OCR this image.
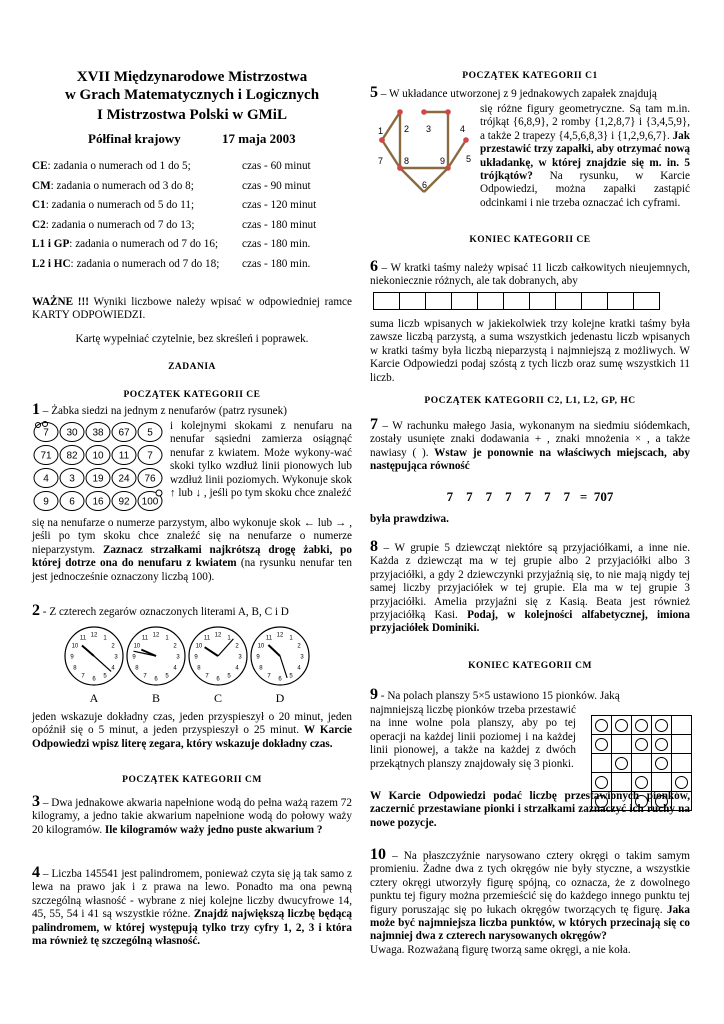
XVII Międzynarodowe Mistrzostwa
w Grach Matematycznych i Logicznych
I Mistrzostwa Polski w GMiL
Półfinał krajowy	17 maja 2003
CE: zadania o numerach od 1 do 5;	czas - 60 minut
CM: zadania o numerach od 3 do 8;	czas - 90 minut
C1: zadania o numerach od 5 do 11;	czas - 120 minut
C2: zadania o numerach od 7 do 13;	czas - 180 minut
L1 i GP: zadania o numerach od 7 do 16;	czas - 180 min.
L2 i HC: zadania o numerach od 7 do 18;	czas - 180 min.
WAŻNE !!! Wyniki liczbowe należy wpisać w odpowiedniej ramce KARTY ODPOWIEDZI.
Kartę wypełniać czytelnie, bez skreśleń i poprawek.
ZADANIA
POCZĄTEK KATEGORII CE
1 – Żabka siedzi na jednym z nenufarów (patrz rysunek)
7 30 38 67 5
71 82 10 11 7
4 3 19 24 76
9 6 16 92 100
i kolejnymi skokami z nenufaru na nenufar sąsiedni zamierza osiągnąć nenufar z kwiatem. Może wykony-wać skoki tylko wzdłuż linii pionowych lub wzdłuż linii poziomych. Wykonuje skok ↑ lub ↓ , jeśli po tym skoku chce znaleźć
się na nenufarze o numerze parzystym, albo wykonuje skok ← lub → , jeśli po tym skoku chce znaleźć się na nenufarze o numerze nieparzystym. Zaznacz strzałkami najkrótszą drogę żabki, po której dotrze ona do nenufaru z kwiatem (na rysunku nenufar ten jest jednocześnie oznaczony liczbą 100).
2 - Z czterech zegarów oznaczonych literami A, B, C i D
1
2
3
4
5
6
7
8
9
10
11 12
A
1
2
3
4
5
6
7
8
9
10
11 12
B
1
2
3
4
5
6
7
8
9
10
11 12
C
1
2
3
4
5
6
7
8
9
10
11 12
D
jeden wskazuje dokładny czas, jeden przyspieszył o 20 minut, jeden opóźnił się o 5 minut, a jeden przyspieszył o 25 minut. W Karcie Odpowiedzi wpisz literę zegara, który wskazuje dokładny czas.
POCZĄTEK KATEGORII CM
3 – Dwa jednakowe akwaria napełnione wodą do pełna ważą razem 72 kilogramy, a jedno takie akwarium napełnione wodą do połowy waży 20 kilogramów. Ile kilogramów waży jedno puste akwarium ?
4 – Liczba 145541 jest palindromem, ponieważ czyta się ją tak samo z lewa na prawo jak i z prawa na lewo. Ponadto ma ona pewną szczególną własność - wybrane z niej kolejne liczby dwucyfrowe 14, 45, 55, 54 i 41 są wszystkie różne. Znajdź największą liczbę będącą palindromem, w której występują tylko trzy cyfry 1, 2, 3 i która ma również tę szczególną własność.
POCZĄTEK KATEGORII C1
5 – W układance utworzonej z 9 jednakowych zapałek znajdują
1 2 3	4
5
6
7 8	9
się różne figury geometryczne. Są tam m.in. trójkąt {6,8,9}, 2 romby {1,2,8,7} i {3,4,5,9}, a także 2 trapezy {4,5,6,8,3} i {1,2,9,6,7}. Jak przestawić trzy zapałki, aby otrzymać nową układankę, w której znajdzie się m. in. 5 trójkątów? Na rysunku, w Karcie Odpowiedzi, można zapałki zastąpić odcinkami i nie trzeba oznaczać ich cyframi.
KONIEC KATEGORII CE
6 – W kratki taśmy należy wpisać 11 liczb całkowitych nieujemnych, niekoniecznie różnych, ale tak dobranych, aby
suma liczb wpisanych w jakiekolwiek trzy kolejne kratki taśmy była zawsze liczbą parzystą, a suma wszystkich jedenastu liczb wpisanych w kratki taśmy była liczbą nieparzystą i najmniejszą z możliwych. W Karcie Odpowiedzi podaj szóstą z tych liczb oraz sumę wszystkich 11 liczb.
POCZĄTEK KATEGORII C2, L1, L2, GP, HC
7 – W rachunku małego Jasia, wykonanym na siedmiu siódemkach, zostały usunięte znaki dodawania + , znaki mnożenia × , a także nawiasy ( ). Wstaw je ponownie na właściwych miejscach, aby następująca równość
7    7    7    7    7    7    7   =  707
była prawdziwa.
8 – W grupie 5 dziewcząt niektóre są przyjaciółkami, a inne nie. Każda z dziewcząt ma w tej grupie albo 2 przyjaciółki albo 3 przyjaciółki, a gdy 2 dziewczynki przyjaźnią się, to nie mają nigdy tej samej liczby przyjaciółek w tej grupie. Ela ma w tej grupie 3 przyjaciółki. Amelia przyjaźni się z Kasią. Beata jest również przyjaciółką Kasi. Podaj, w kolejności alfabetycznej, imiona przyjaciółek Dominiki.
KONIEC KATEGORII CM
9 - Na polach planszy 5×5 ustawiono 15 pionków. Jaką
najmniejszą liczbę pionków trzeba przestawić na inne wolne pola planszy, aby po tej operacji na każdej linii poziomej i na każdej linii pionowej, a także na każdej z dwóch przekątnych planszy znajdowały się 3 pionki.
W Karcie Odpowiedzi podać liczbę przestawionych pionków, zaczernić przestawiane pionki i strzałkami zaznaczyć ich ruchy na nowe pozycje.
10 – Na płaszczyźnie narysowano cztery okręgi o takim samym promieniu. Żadne dwa z tych okręgów nie były styczne, a wszystkie cztery okręgi utworzyły figurę spójną, co oznacza, że z dowolnego punktu tej figury można przemieścić się do każdego innego punktu tej figury poruszając się po łukach okręgów tworzących tę figurę. Jaka może być najmniejsza liczba punktów, w których przecinają się co najmniej dwa z czterech narysowanych okręgów?
Uwaga. Rozważaną figurę tworzą same okręgi, a nie koła.
